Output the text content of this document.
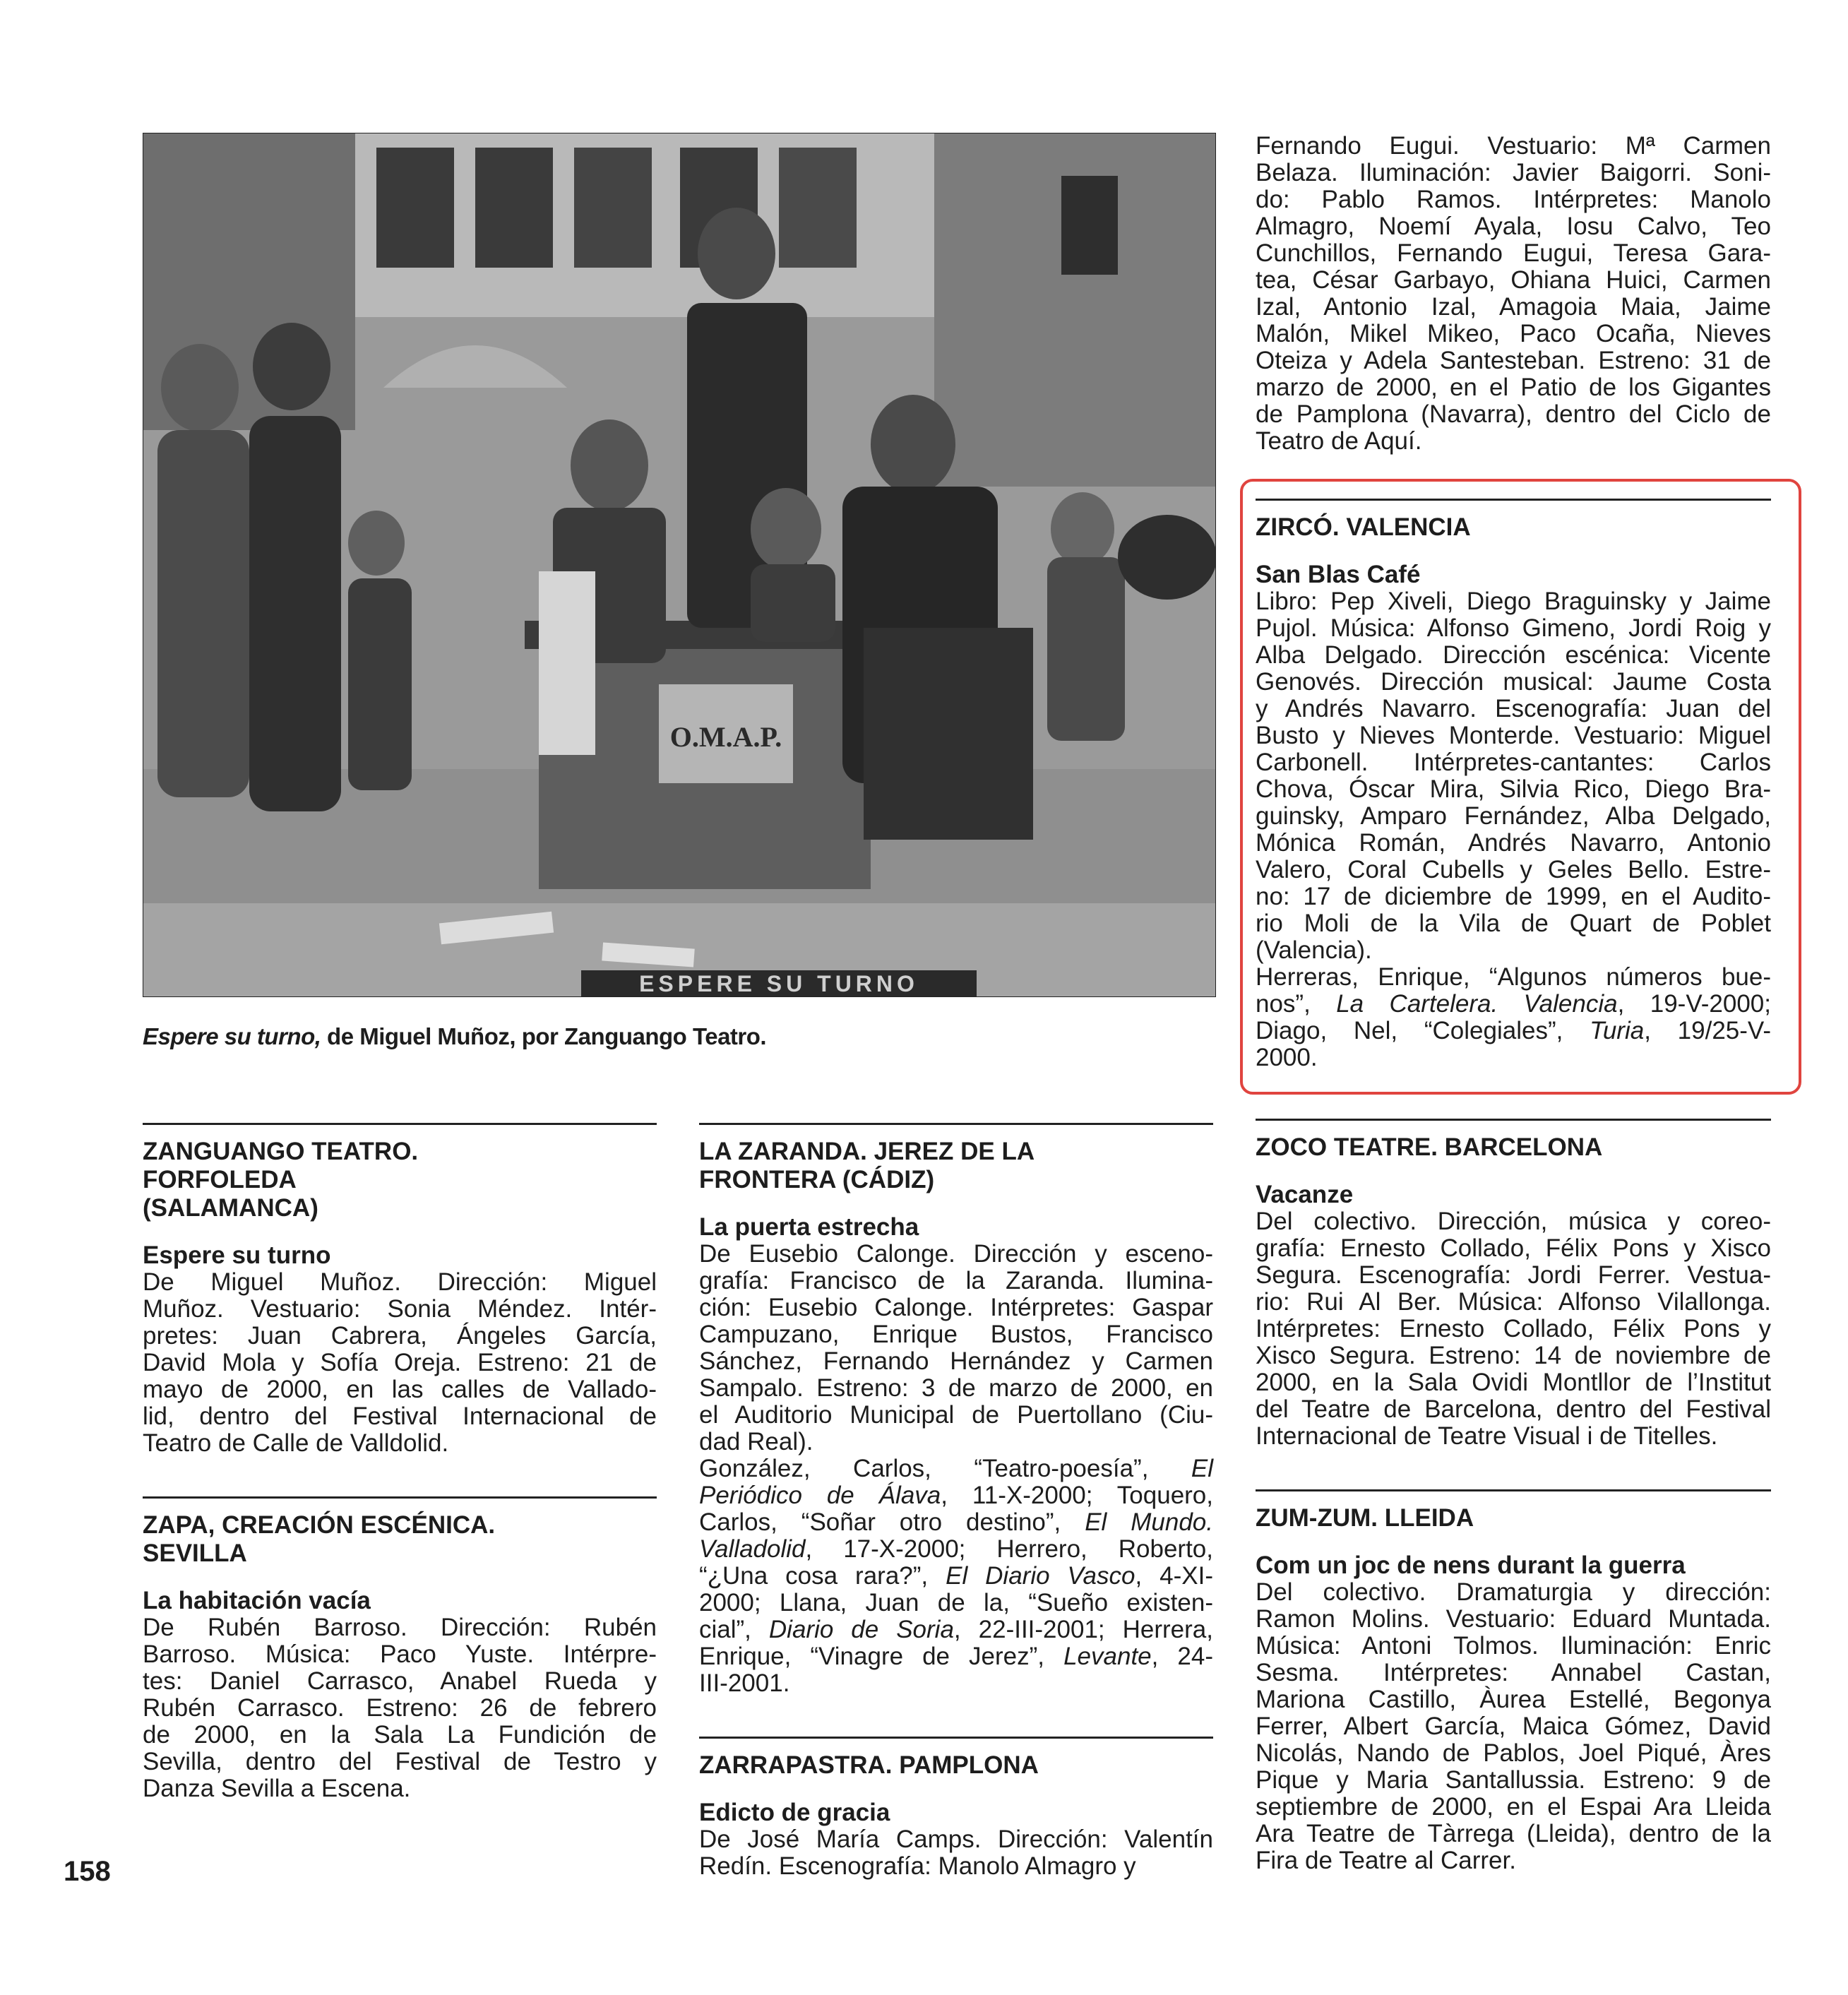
O.M.A.P.
ESPERE SU TURNO
Espere su turno, de Miguel Muñoz, por Zanguango Teatro.

Fernando Eugui. Vestuario: Mª Carmen

Belaza. Iluminación: Javier Baigorri. Soni-

do: Pablo Ramos. Intérpretes: Manolo

Almagro, Noemí Ayala, Iosu Calvo, Teo

Cunchillos, Fernando Eugui, Teresa Gara-

tea, César Garbayo, Ohiana Huici, Carmen

Izal, Antonio Izal, Amagoia Maia, Jaime

Malón, Mikel Mikeo, Paco Ocaña, Nieves

Oteiza y Adela Santesteban. Estreno: 31 de

marzo de 2000, en el Patio de los Gigantes

de Pamplona (Navarra), dentro del Ciclo de

Teatro de Aquí.

ZIRCÓ. VALENCIA

San Blas Café

Libro: Pep Xiveli, Diego Braguinsky y Jaime

Pujol. Música: Alfonso Gimeno, Jordi Roig y

Alba Delgado. Dirección escénica: Vicente

Genovés. Dirección musical: Jaume Costa

y Andrés Navarro. Escenografía: Juan del

Busto y Nieves Monterde. Vestuario: Miguel

Carbonell. Intérpretes-cantantes: Carlos

Chova, Óscar Mira, Silvia Rico, Diego Bra-

guinsky, Amparo Fernández, Alba Delgado,

Mónica Román, Andrés Navarro, Antonio

Valero, Coral Cubells y Geles Bello. Estre-

no: 17 de diciembre de 1999, en el Audito-

rio Moli de la Vila de Quart de Poblet

(Valencia).

Herreras, Enrique, “Algunos números bue-

nos”, La Cartelera. Valencia, 19-V-2000;

Diago, Nel, “Colegiales”, Turia, 19/25-V-

2000.

ZANGUANGO TEATRO.
FORFOLEDA
(SALAMANCA)

Espere su turno

De Miguel Muñoz. Dirección: Miguel

Muñoz. Vestuario: Sonia Méndez. Intér-

pretes: Juan Cabrera, Ángeles García,

David Mola y Sofía Oreja. Estreno: 21 de

mayo de 2000, en las calles de Vallado-

lid, dentro del Festival Internacional de

Teatro de Calle de Valldolid.

ZAPA, CREACIÓN ESCÉNICA.
SEVILLA

La habitación vacía

De Rubén Barroso. Dirección: Rubén

Barroso. Música: Paco Yuste. Intérpre-

tes: Daniel Carrasco, Anabel Rueda y

Rubén Carrasco. Estreno: 26 de febrero

de 2000, en la Sala La Fundición de

Sevilla, dentro del Festival de Testro y

Danza Sevilla a Escena.

LA ZARANDA. JEREZ DE LA
FRONTERA (CÁDIZ)

La puerta estrecha

De Eusebio Calonge. Dirección y esceno-

grafía: Francisco de la Zaranda. Ilumina-

ción: Eusebio Calonge. Intérpretes: Gaspar

Campuzano, Enrique Bustos, Francisco

Sánchez, Fernando Hernández y Carmen

Sampalo. Estreno: 3 de marzo de 2000, en

el Auditorio Municipal de Puertollano (Ciu-

dad Real).

González, Carlos, “Teatro-poesía”, El

Periódico de Álava, 11-X-2000; Toquero,

Carlos, “Soñar otro destino”, El Mundo.

Valladolid, 17-X-2000; Herrero, Roberto,

“¿Una cosa rara?”, El Diario Vasco, 4-XI-

2000; Llana, Juan de la, “Sueño existen-

cial”, Diario de Soria, 22-III-2001; Herrera,

Enrique, “Vinagre de Jerez”, Levante, 24-

III-2001.

ZARRAPASTRA. PAMPLONA

Edicto de gracia

De José María Camps. Dirección: Valentín

Redín. Escenografía: Manolo Almagro y

ZOCO TEATRE. BARCELONA

Vacanze

Del colectivo. Dirección, música y coreo-

grafía: Ernesto Collado, Félix Pons y Xisco

Segura. Escenografía: Jordi Ferrer. Vestua-

rio: Rui Al Ber. Música: Alfonso Vilallonga.

Intérpretes: Ernesto Collado, Félix Pons y

Xisco Segura. Estreno: 14 de noviembre de

2000, en la Sala Ovidi Montllor de l’Institut

del Teatre de Barcelona, dentro del Festival

Internacional de Teatre Visual i de Titelles.

ZUM-ZUM. LLEIDA

Com un joc de nens durant la guerra

Del colectivo. Dramaturgia y dirección:

Ramon Molins. Vestuario: Eduard Muntada.

Música: Antoni Tolmos. Iluminación: Enric

Sesma. Intérpretes: Annabel Castan,

Mariona Castillo, Àurea Estellé, Begonya

Ferrer, Albert García, Maica Gómez, David

Nicolás, Nando de Pablos, Joel Piqué, Àres

Pique y Maria Santallussia. Estreno: 9 de

septiembre de 2000, en el Espai Ara Lleida

Ara Teatre de Tàrrega (Lleida), dentro de la

Fira de Teatre al Carrer.

158
